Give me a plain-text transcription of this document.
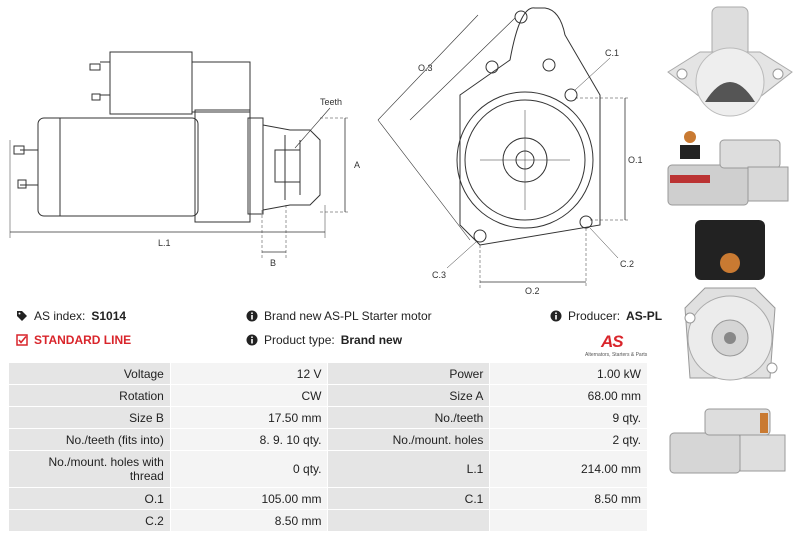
Teeth
A
B
L.1
O.3
O.1
O.2
C.1
C.2
C.3
AS index: S1014
STANDARD LINE
Brand new AS-PL Starter motor
Product type: Brand new
Producer: AS-PL
AS
Alternators, Starters & Parts
Voltage	12 V	Power	1.00 kW
Rotation	CW	Size A	68.00 mm
Size B	17.50 mm	No./teeth	9 qty.
No./teeth (fits into)	8. 9. 10 qty.	No./mount. holes	2 qty.
No./mount. holes with thread	0 qty.	L.1	214.00 mm
O.1	105.00 mm	C.1	8.50 mm
C.2	8.50 mm		
